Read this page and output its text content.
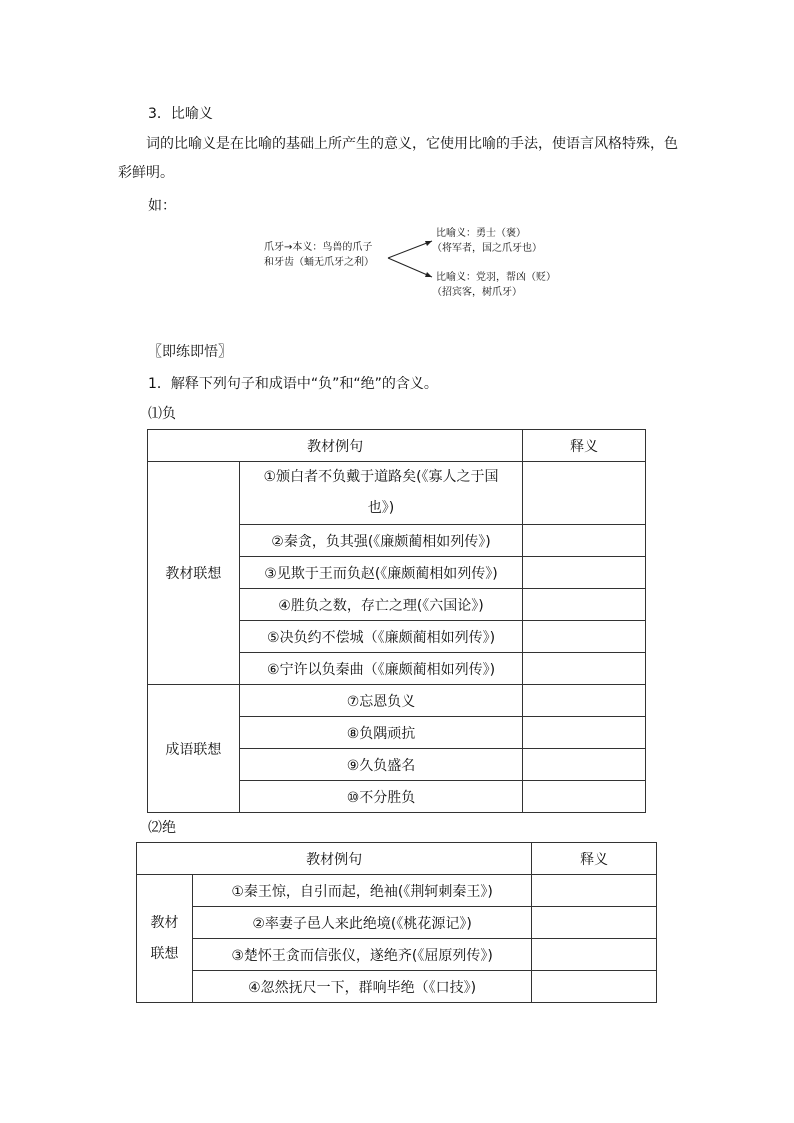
3．比喻义
词的比喻义是在比喻的基础上所产生的意义，它使用比喻的手法，使语言风格特殊，色彩鲜明。
如：
爪牙→本义：鸟兽的爪子
和牙齿（蛹无爪牙之利）
比喻义：勇士（褒）
（将军者，国之爪牙也）
比喻义：党羽，帮凶（贬）
（招宾客，树爪牙）
〖即练即悟〗
1．解释下列句子和成语中“负”和“绝”的含义。
⑴负
教材例句		释义
教材联想	①颁白者不负戴于道路矣(《寡人之于国也》)	
	②秦贪，负其强(《廉颇蔺相如列传》)	
	③见欺于王而负赵(《廉颇蔺相如列传》)	
	④胜负之数，存亡之理(《六国论》)	
	⑤决负约不偿城（《廉颇蔺相如列传》)	
	⑥宁许以负秦曲（《廉颇蔺相如列传》)	
成语联想	⑦忘恩负义	
	⑧负隅顽抗	
	⑨久负盛名	
	⑩不分胜负	
⑵绝
教材例句		释义
教材联想	①秦王惊，自引而起，绝袖(《荆轲刺秦王》)	
	②率妻子邑人来此绝境(《桃花源记》)	
	③楚怀王贪而信张仪，遂绝齐(《屈原列传》)	
	④忽然抚尺一下，群响毕绝（《口技》)	
